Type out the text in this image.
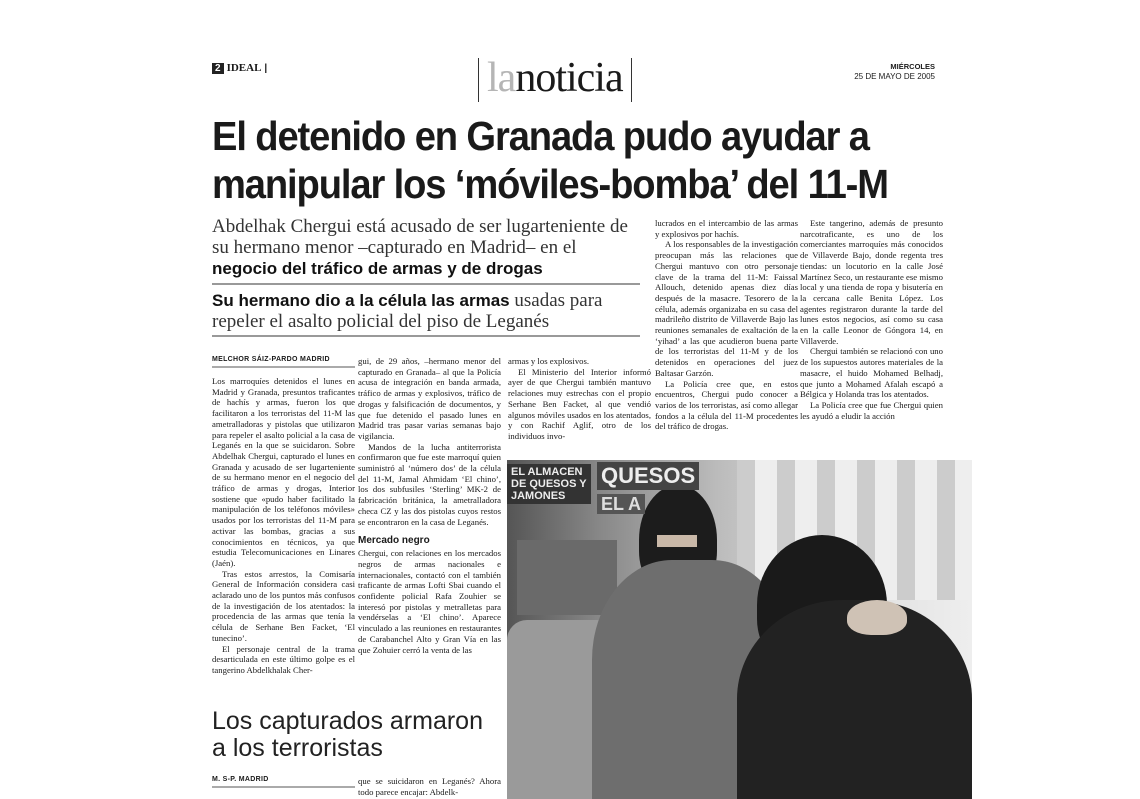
2 IDEAL |	lanoticia	MIÉRCOLES
25 DE MAYO DE 2005
El detenido en Granada pudo ayudar a
manipular los ‘móviles-bomba’ del 11-M
Abdelhak Chergui está acusado de ser lugarteniente de su hermano menor –capturado en Madrid– en el negocio del tráfico de armas y de drogas
Su hermano dio a la célula las armas usadas para repeler el asalto policial del piso de Leganés
MELCHOR SÁIZ-PARDO MADRID

Los marroquíes detenidos el lunes en Madrid y Granada, presuntos traficantes de hachís y armas, fueron los que facilitaron a los terroristas del 11-M las ametralladoras y pistolas que utilizaron para repeler el asalto policial a la casa de Leganés en la que se suicidaron. Sobre Abdelhak Chergui, capturado el lunes en Granada y acusado de ser lugarteniente de su hermano menor en el negocio del tráfico de armas y drogas, Interior sostiene que «pudo haber facilitado la manipulación de los teléfonos móviles» usados por los terroristas del 11-M para activar las bombas, gracias a sus conocimientos en técnicos, ya que estudia Telecomunicaciones en Linares (Jaén).

Tras estos arrestos, la Comisaría General de Información considera casi aclarado uno de los puntos más confusos de la investigación de los atentados: la procedencia de las armas que tenía la célula de Serhane Ben Facket, ‘El tunecino’.

El personaje central de la trama desarticulada en este último golpe es el tangerino Abdelkhalak Cher-

gui, de 29 años, –hermano menor del capturado en Granada– al que la Policía acusa de integración en banda armada, tráfico de armas y explosivos, tráfico de drogas y falsificación de documentos, y que fue detenido el pasado lunes en Madrid tras pasar varias semanas bajo vigilancia.

Mandos de la lucha antiterrorista confirmaron que fue este marroquí quien suministró al ‘número dos’ de la célula del 11-M, Jamal Ahmidam ‘El chino’, los dos subfusiles ‘Sterling’ MK-2 de fabricación británica, la ametralladora checa CZ y las dos pistolas cuyos restos se encontraron en la casa de Leganés.

Mercado negro

Chergui, con relaciones en los mercados negros de armas nacionales e internacionales, contactó con el también traficante de armas Lofti Sbai cuando el confidente policial Rafa Zouhier se interesó por pistolas y metralletas para vendérselas a ‘El chino’. Aparece vinculado a las reuniones en restaurantes de Carabanchel Alto y Gran Vía en las que Zohuier cerró la venta de las

armas y los explosivos.

El Ministerio del Interior informó ayer de que Chergui también mantuvo relaciones muy estrechas con el propio Serhane Ben Facket, al que vendió algunos móviles usados en los atentados, y con Rachif Aglif, otro de los individuos invo-

lucrados en el intercambio de las armas y explosivos por hachís.

A los responsables de la investigación preocupan más las relaciones que Chergui mantuvo con otro personaje clave de la trama del 11-M: Faissal Allouch, detenido apenas diez días después de la masacre. Tesorero de la célula, además organizaba en su casa del madrileño distrito de Villaverde Bajo las reuniones semanales de exaltación de la ‘yihad’ a las que acudieron buena parte de los terroristas del 11-M y de los detenidos en operaciones del juez Baltasar Garzón.

La Policía cree que, en estos encuentros, Chergui pudo conocer a varios de los terroristas, así como allegar fondos a la célula del 11-M procedentes del tráfico de drogas.

Este tangerino, además de presunto narcotraficante, es uno de los comerciantes marroquíes más conocidos de Villaverde Bajo, donde regenta tres tiendas: un locutorio en la calle José Martínez Seco, un restaurante ese mismo local y una tienda de ropa y bisutería en la cercana calle Benita López. Los agentes registraron durante la tarde del lunes estos negocios, así como su casa en la calle Leonor de Góngora 14, en Villaverde.

Chergui también se relacionó con uno de los supuestos autores materiales de la masacre, el huido Mohamed Belhadj, que junto a Mohamed Afalah escapó a Bélgica y Holanda tras los atentados.

La Policía cree que fue Chergui quien les ayudó a eludir la acción

EL ALMACEN DE QUESOS Y JAMONES
QUESOS
EL A
Los capturados armaron
a los terroristas
M. S-P. MADRID	que se suicidaron en Leganés? Ahora todo parece encajar: Abdelk-
